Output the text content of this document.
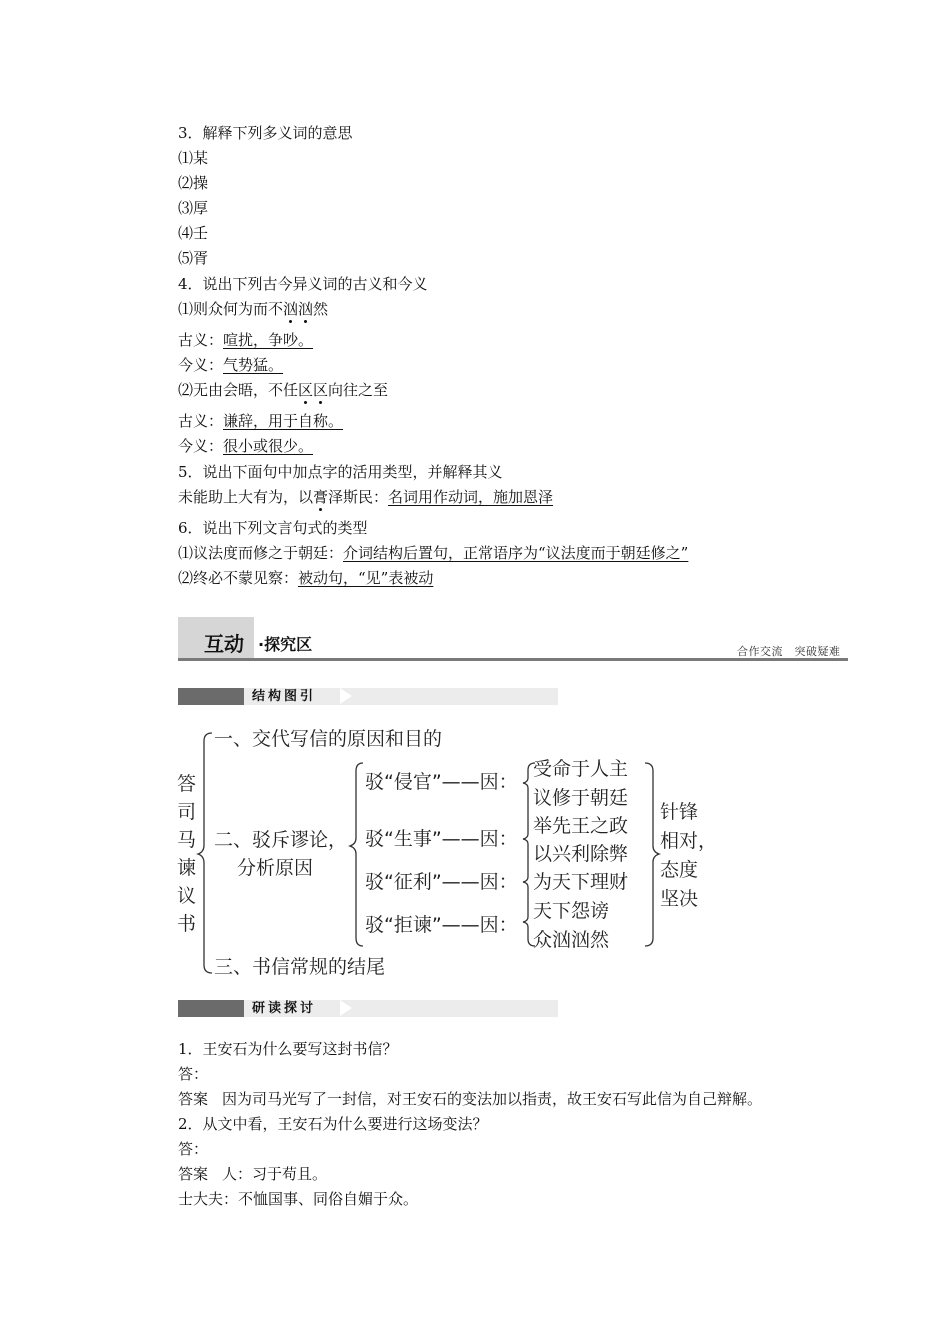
3．解释下列多义词的意思
⑴某
⑵操
⑶厚
⑷壬
⑸胥
4．说出下列古今异义词的古义和今义
⑴则众何为而不汹汹然
古义：喧扰，争吵。
今义：气势猛。
⑵无由会晤，不任区区向往之至
古义：谦辞，用于自称。
今义：很小或很少。
5．说出下面句中加点字的活用类型，并解释其义
未能助上大有为，以膏泽斯民：名词用作动词，施加恩泽
6．说出下列文言句式的类型
⑴议法度而修之于朝廷：介词结构后置句，正常语序为“议法度而于朝廷修之”
⑵终必不蒙见察：被动句，“见”表被动
互动 ·探究区	合作交流　突破疑难
结构图引
答
司
马
谏
议
书
一、交代写信的原因和目的
二、驳斥谬论，
分析原因
驳“侵官”——因：
驳“生事”——因：
驳“征利”——因：
驳“拒谏”——因：
受命于人主
议修于朝廷
举先王之政
以兴利除弊
为天下理财
天下怨谤
众汹汹然
针锋
相对，
态度
坚决
三、书信常规的结尾
研读探讨
1．王安石为什么要写这封书信？
答：
答案 因为司马光写了一封信，对王安石的变法加以指责，故王安石写此信为自己辩解。
2．从文中看，王安石为什么要进行这场变法？
答：
答案 人：习于苟且。
士大夫：不恤国事、同俗自媚于众。
